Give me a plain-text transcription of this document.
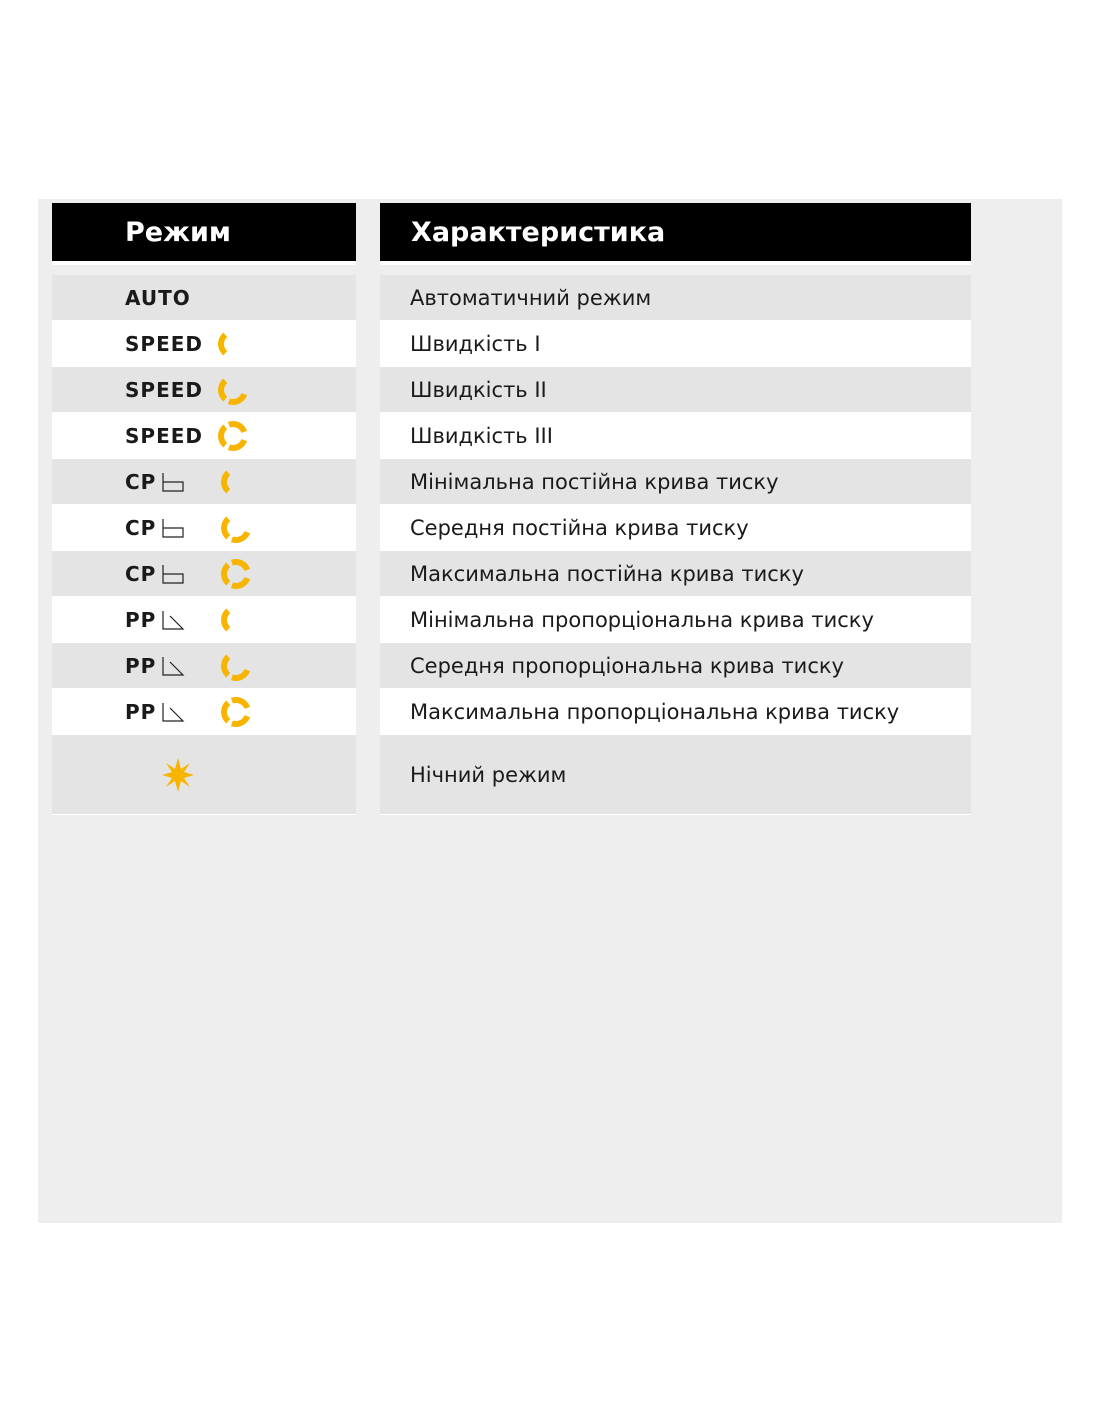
Режим
AUTO
SPEED
SPEED
SPEED
CP
CP
CP
PP
PP
PP
Характеристика
Автоматичний режим
Швидкість I
Швидкість II
Швидкість III
Мінімальна постійна крива тиску
Середня постійна крива тиску
Максимальна постійна крива тиску
Мінімальна пропорціональна крива тиску
Середня пропорціональна крива тиску
Максимальна пропорціональна крива тиску
Нічний режим
